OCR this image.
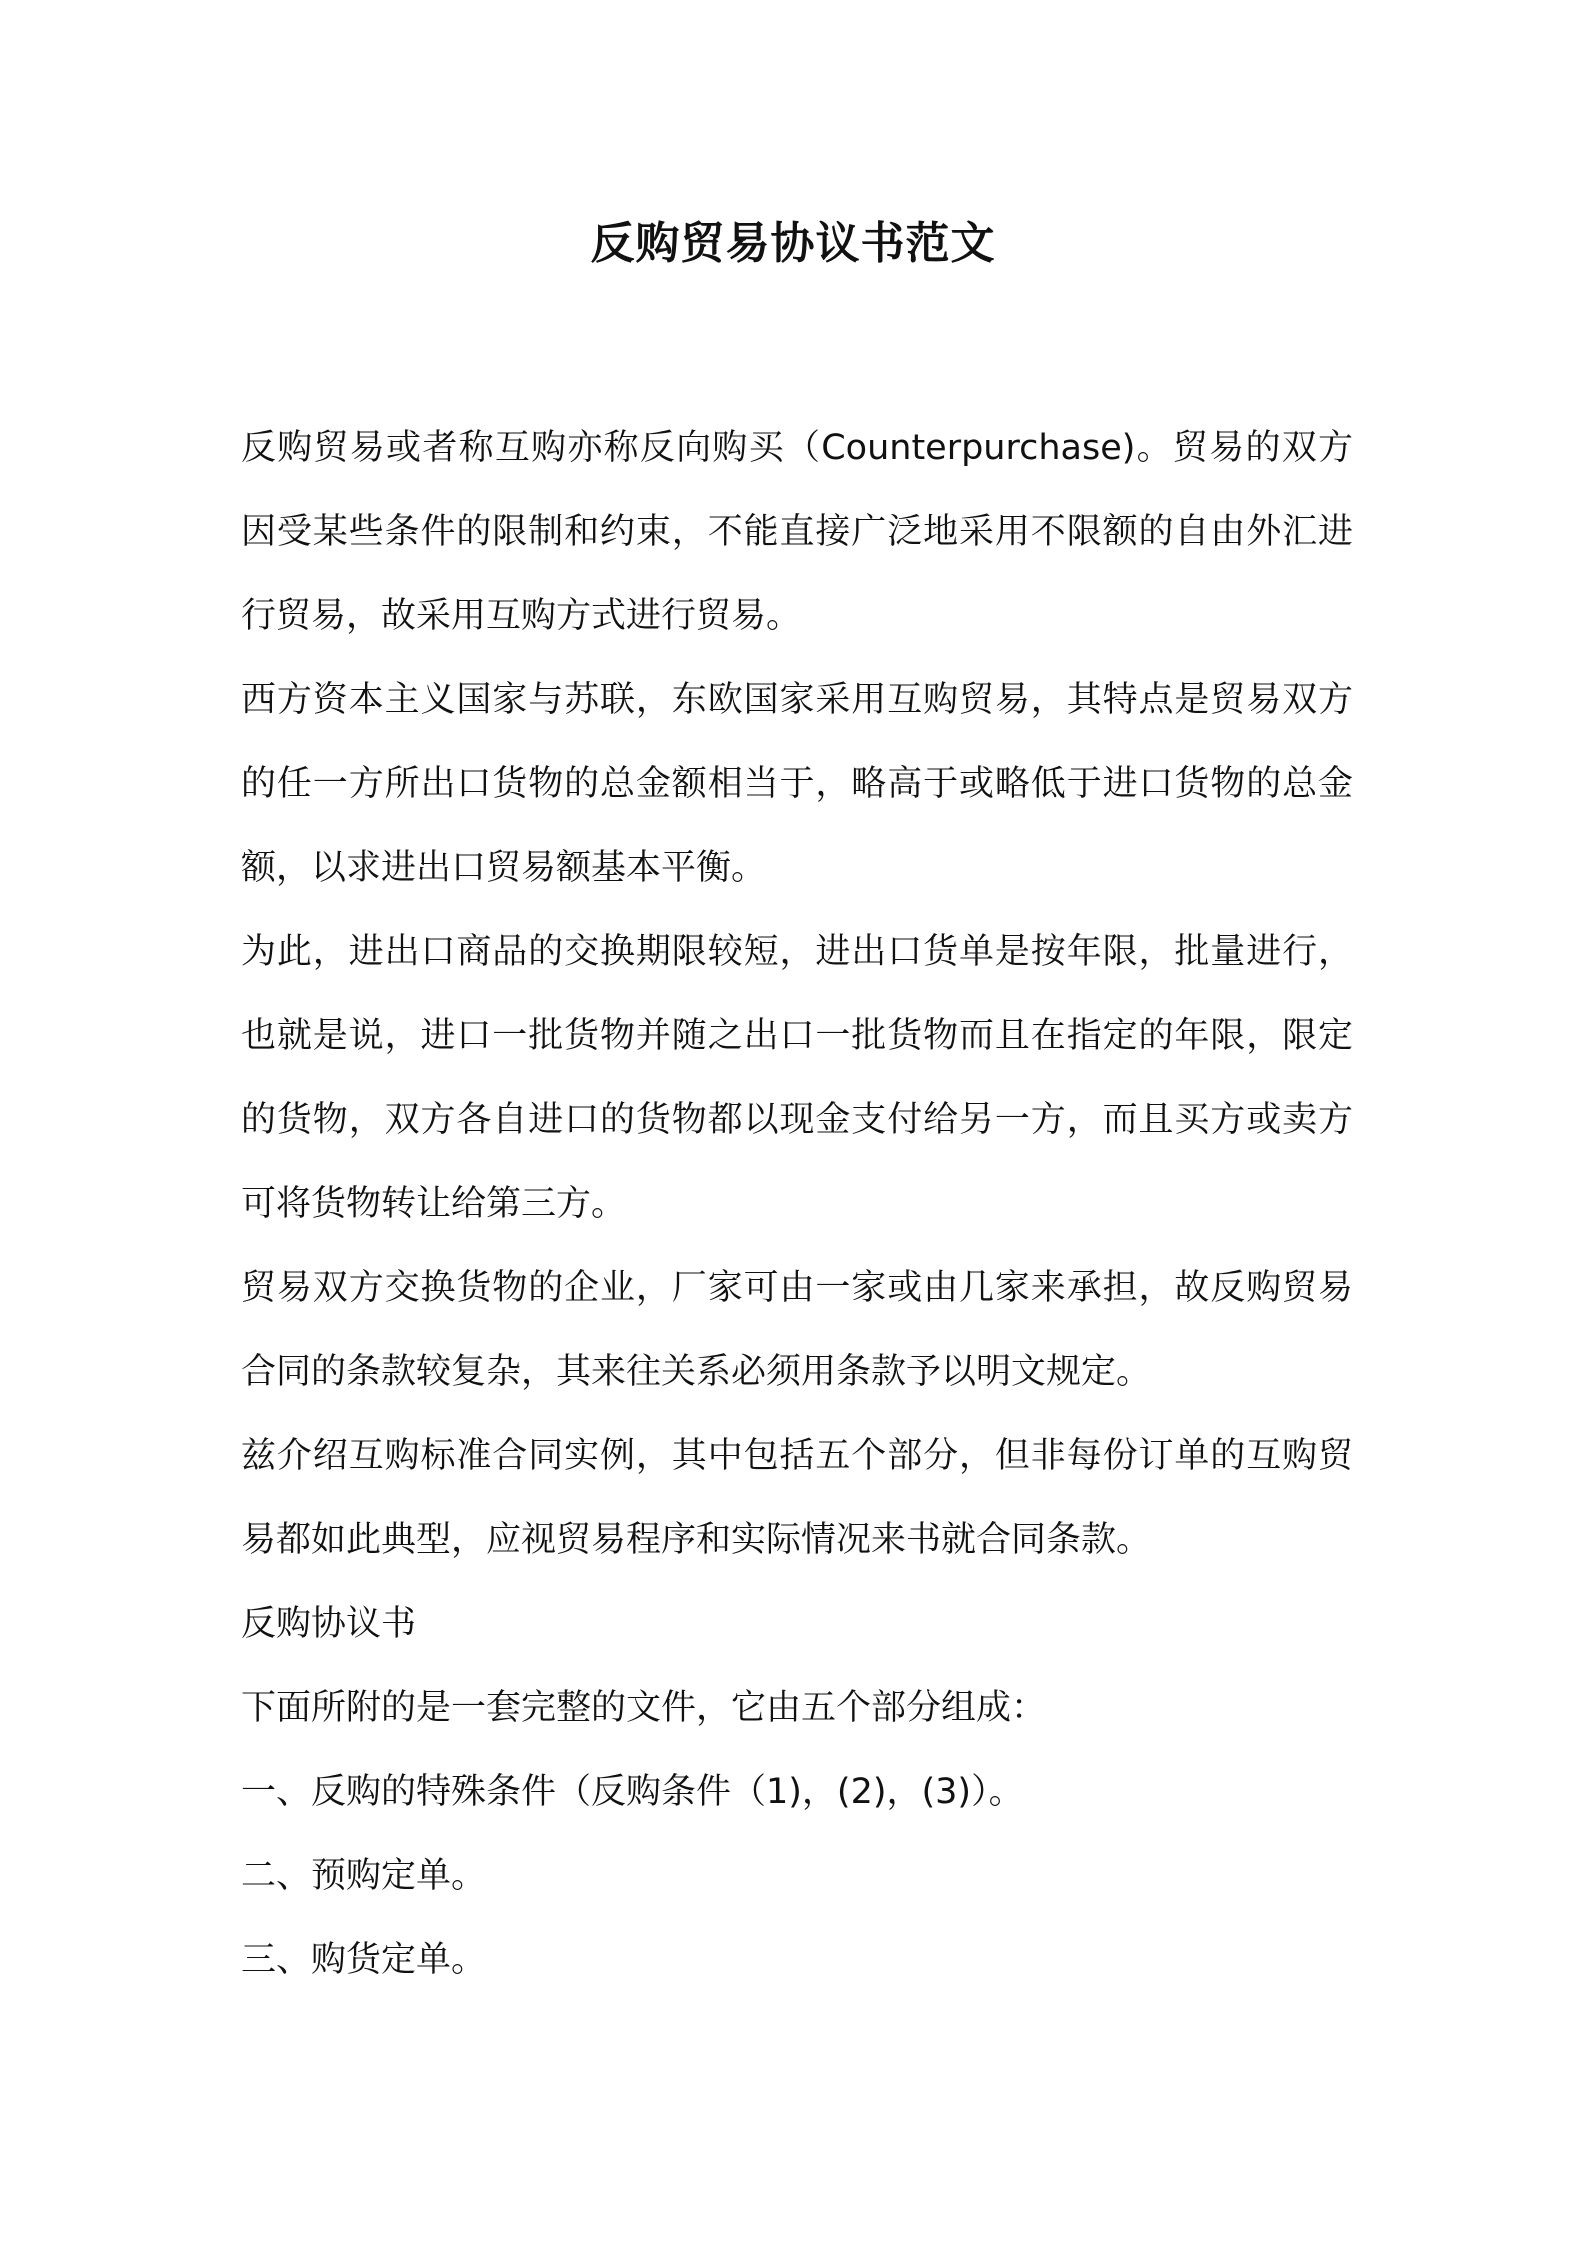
反购贸易协议书范文

反购贸易或者称互购亦称反向购买（Counterpurchase)。贸易的双方因受某些条件的限制和约束，不能直接广泛地采用不限额的自由外汇进行贸易，故采用互购方式进行贸易。

西方资本主义国家与苏联，东欧国家采用互购贸易，其特点是贸易双方的任一方所出口货物的总金额相当于，略高于或略低于进口货物的总金额，以求进出口贸易额基本平衡。

为此，进出口商品的交换期限较短，进出口货单是按年限，批量进行，也就是说，进口一批货物并随之出口一批货物而且在指定的年限，限定的货物，双方各自进口的货物都以现金支付给另一方，而且买方或卖方可将货物转让给第三方。

贸易双方交换货物的企业，厂家可由一家或由几家来承担，故反购贸易合同的条款较复杂，其来往关系必须用条款予以明文规定。

兹介绍互购标准合同实例，其中包括五个部分，但非每份订单的互购贸易都如此典型，应视贸易程序和实际情况来书就合同条款。

反购协议书

下面所附的是一套完整的文件，它由五个部分组成：

一、反购的特殊条件（反购条件（1)，(2)，(3)）。

二、预购定单。

三、购货定单。
